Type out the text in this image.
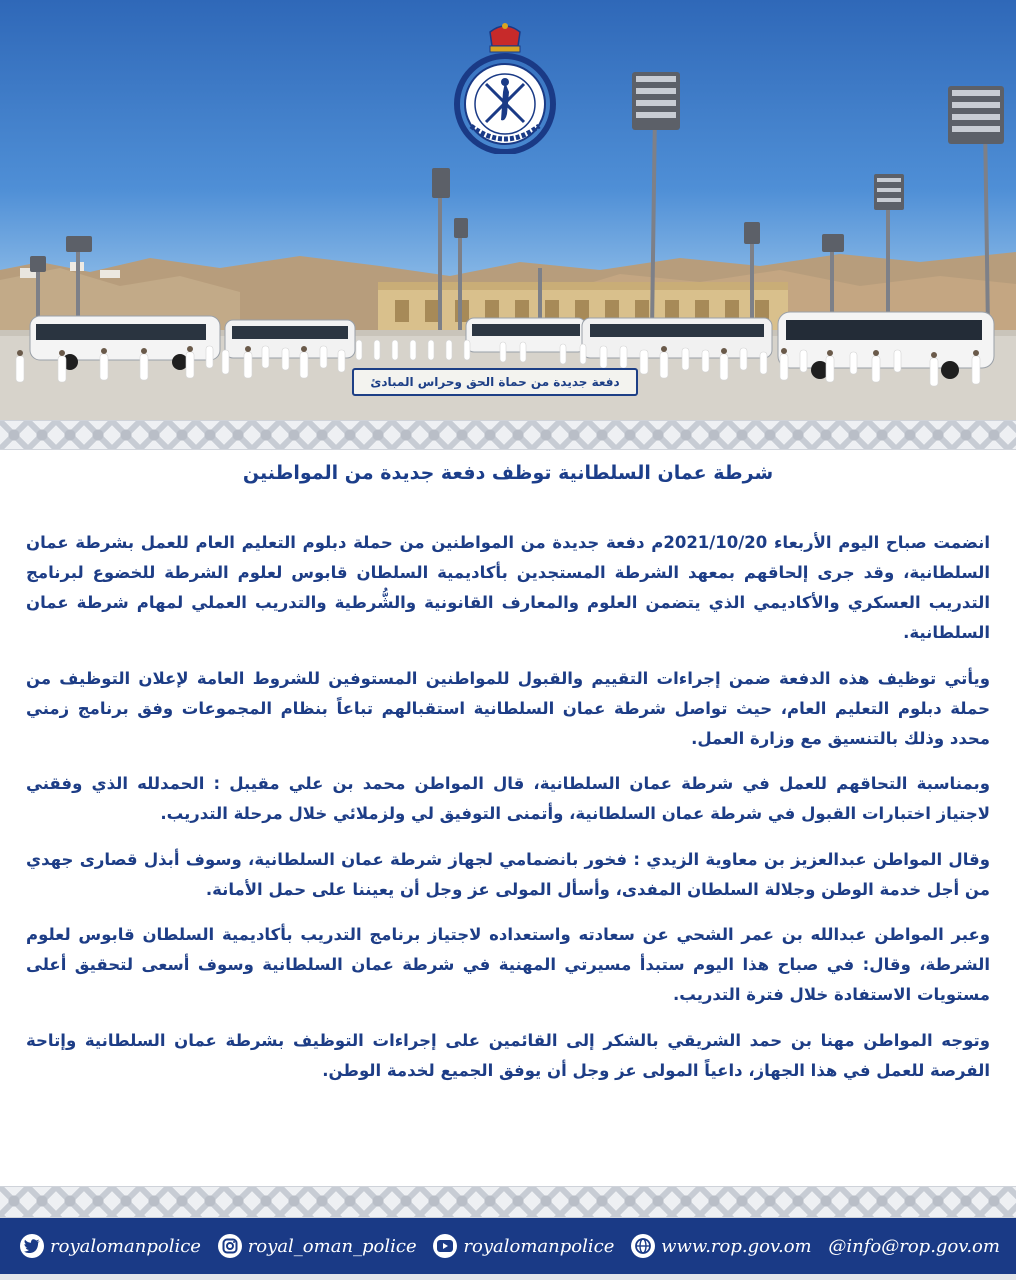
دفعة جديدة من حماة الحق وحراس المبادئ
شرطة عمان السلطانية توظف دفعة جديدة من المواطنين

انضمت صباح اليوم الأربعاء 2021/10/20م دفعة جديدة من المواطنين من حملة دبلوم التعليم العام للعمل بشرطة عمان السلطانية، وقد جرى إلحاقهم بمعهد الشرطة المستجدين بأكاديمية السلطان قابوس لعلوم الشرطة للخضوع لبرنامج التدريب العسكري والأكاديمي الذي يتضمن العلوم والمعارف القانونية والشُّرطية والتدريب العملي لمهام شرطة عمان السلطانية.

ويأتي توظيف هذه الدفعة ضمن إجراءات التقييم والقبول للمواطنين المستوفين للشروط العامة لإعلان التوظيف من حملة دبلوم التعليم العام، حيث تواصل شرطة عمان السلطانية استقبالهم تباعاً بنظام المجموعات وفق برنامج زمني محدد وذلك بالتنسيق مع وزارة العمل.

وبمناسبة التحاقهم للعمل في شرطة عمان السلطانية، قال المواطن محمد بن علي مقيبل : الحمدلله الذي وفقني لاجتياز اختبارات القبول في شرطة عمان السلطانية، وأتمنى التوفيق لي ولزملائي خلال مرحلة التدريب.

وقال المواطن عبدالعزيز بن معاوية الزيدي : فخور بانضمامي لجهاز شرطة عمان السلطانية، وسوف أبذل قصارى جهدي من أجل خدمة الوطن وجلالة السلطان المفدى، وأسأل المولى عز وجل أن يعيننا على حمل الأمانة.

وعبر المواطن عبدالله بن عمر الشحي عن سعادته واستعداده لاجتياز برنامج التدريب بأكاديمية السلطان قابوس لعلوم الشرطة، وقال: في صباح هذا اليوم ستبدأ مسيرتي المهنية في شرطة عمان السلطانية وسوف أسعى لتحقيق أعلى مستويات الاستفادة خلال فترة التدريب.

وتوجه المواطن مهنا بن حمد الشريقي بالشكر إلى القائمين على إجراءات التوظيف بشرطة عمان السلطانية وإتاحة الفرصة للعمل في هذا الجهاز، داعياً المولى عز وجل أن يوفق الجميع لخدمة الوطن.

royalomanpolice	royal_oman_police	royalomanpolice	www.rop.gov.om @info@rop.gov.om
